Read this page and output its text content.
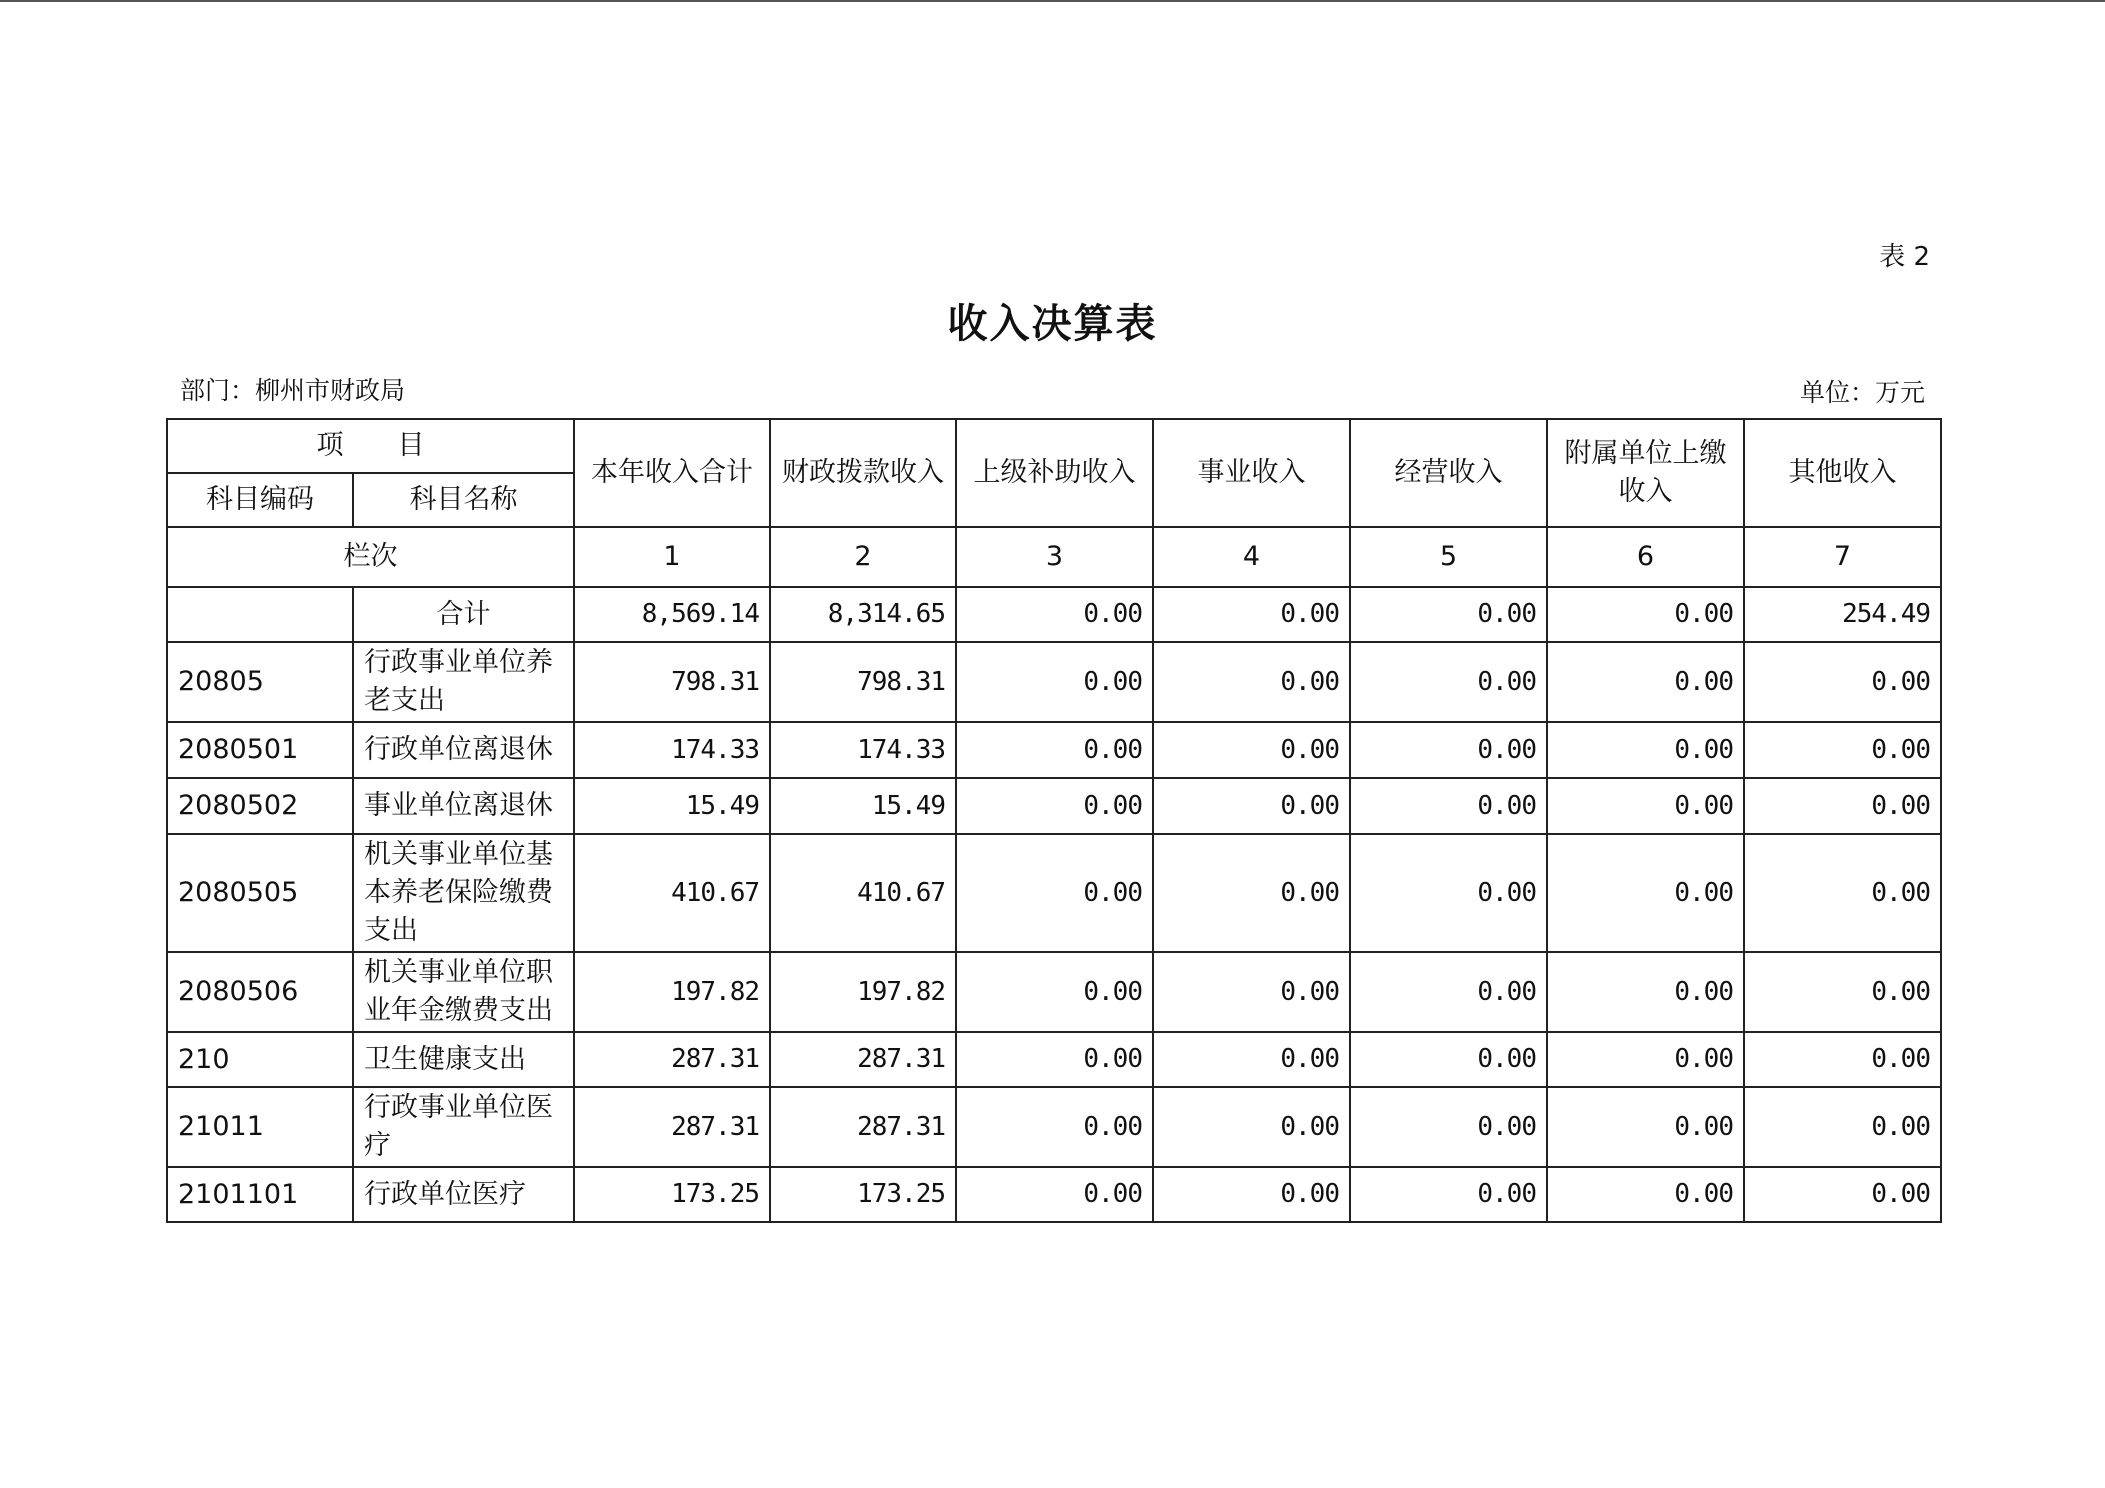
表 2
收入决算表
部门：柳州市财政局	单位：万元
项　　目		本年收入合计	财政拨款收入	上级补助收入	事业收入	经营收入	附属单位上缴收入	其他收入
科目编码	科目名称							
栏次		1	2	3	4	5	6	7
	合计	8,569.14	8,314.65	0.00	0.00	0.00	0.00	254.49
20805	行政事业单位养老支出	798.31	798.31	0.00	0.00	0.00	0.00	0.00
2080501	行政单位离退休	174.33	174.33	0.00	0.00	0.00	0.00	0.00
2080502	事业单位离退休	15.49	15.49	0.00	0.00	0.00	0.00	0.00
2080505	机关事业单位基本养老保险缴费支出	410.67	410.67	0.00	0.00	0.00	0.00	0.00
2080506	机关事业单位职业年金缴费支出	197.82	197.82	0.00	0.00	0.00	0.00	0.00
210	卫生健康支出	287.31	287.31	0.00	0.00	0.00	0.00	0.00
21011	行政事业单位医疗	287.31	287.31	0.00	0.00	0.00	0.00	0.00
2101101	行政单位医疗	173.25	173.25	0.00	0.00	0.00	0.00	0.00
